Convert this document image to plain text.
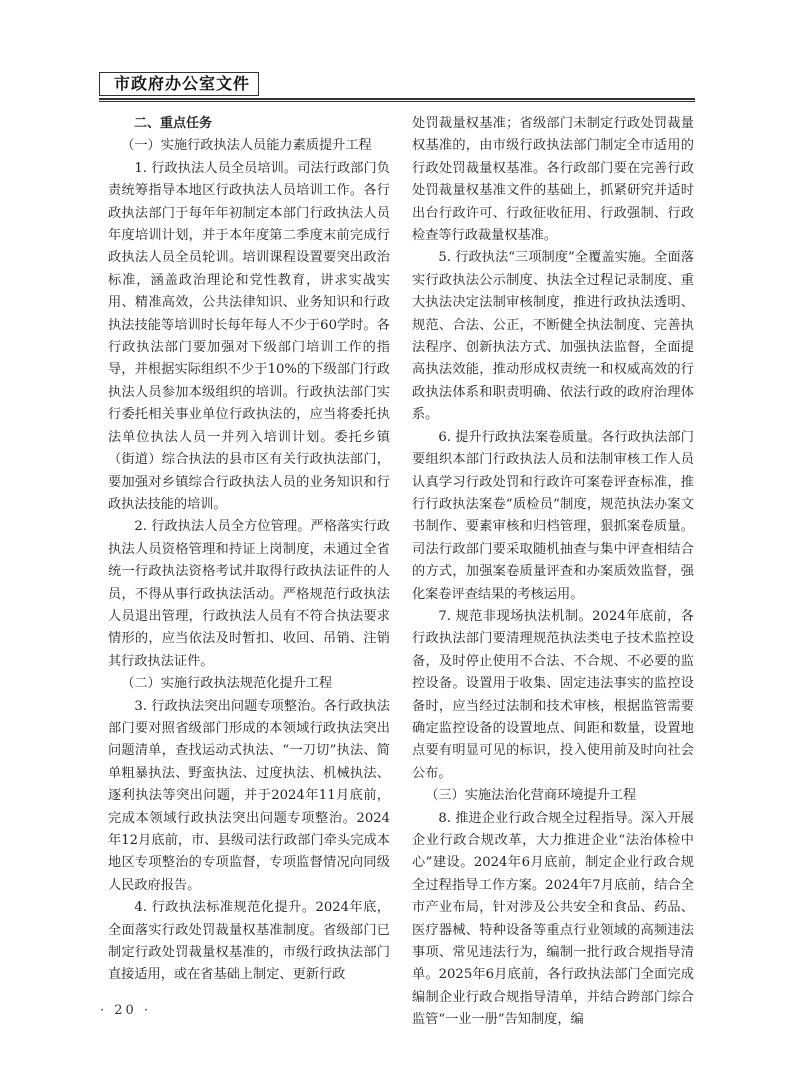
市政府办公室文件

二、重点任务

（一）实施行政执法人员能力素质提升工程

1. 行政执法人员全员培训。司法行政部门负责统筹指导本地区行政执法人员培训工作。各行政执法部门于每年年初制定本部门行政执法人员年度培训计划，并于本年度第二季度末前完成行政执法人员全员轮训。培训课程设置要突出政治标准，涵盖政治理论和党性教育，讲求实战实用、精准高效，公共法律知识、业务知识和行政执法技能等培训时长每年每人不少于60学时。各行政执法部门要加强对下级部门培训工作的指导，并根据实际组织不少于10%的下级部门行政执法人员参加本级组织的培训。行政执法部门实行委托相关事业单位行政执法的，应当将委托执法单位执法人员一并列入培训计划。委托乡镇（街道）综合执法的县市区有关行政执法部门，要加强对乡镇综合行政执法人员的业务知识和行政执法技能的培训。

2. 行政执法人员全方位管理。严格落实行政执法人员资格管理和持证上岗制度，未通过全省统一行政执法资格考试并取得行政执法证件的人员，不得从事行政执法活动。严格规范行政执法人员退出管理，行政执法人员有不符合执法要求情形的，应当依法及时暂扣、收回、吊销、注销其行政执法证件。

（二）实施行政执法规范化提升工程

3. 行政执法突出问题专项整治。各行政执法部门要对照省级部门形成的本领域行政执法突出问题清单，查找运动式执法、“一刀切”执法、简单粗暴执法、野蛮执法、过度执法、机械执法、逐利执法等突出问题，并于2024年11月底前，完成本领域行政执法突出问题专项整治。2024年12月底前，市、县级司法行政部门牵头完成本地区专项整治的专项监督，专项监督情况向同级人民政府报告。

4. 行政执法标准规范化提升。2024年底，全面落实行政处罚裁量权基准制度。省级部门已制定行政处罚裁量权基准的，市级行政执法部门直接适用，或在省基础上制定、更新行政

处罚裁量权基准；省级部门未制定行政处罚裁量权基准的，由市级行政执法部门制定全市适用的行政处罚裁量权基准。各行政部门要在完善行政处罚裁量权基准文件的基础上，抓紧研究并适时出台行政许可、行政征收征用、行政强制、行政检查等行政裁量权基准。

5. 行政执法“三项制度”全覆盖实施。全面落实行政执法公示制度、执法全过程记录制度、重大执法决定法制审核制度，推进行政执法透明、规范、合法、公正，不断健全执法制度、完善执法程序、创新执法方式、加强执法监督，全面提高执法效能，推动形成权责统一和权威高效的行政执法体系和职责明确、依法行政的政府治理体系。

6. 提升行政执法案卷质量。各行政执法部门要组织本部门行政执法人员和法制审核工作人员认真学习行政处罚和行政许可案卷评查标准，推行行政执法案卷“质检员”制度，规范执法办案文书制作、要素审核和归档管理，狠抓案卷质量。司法行政部门要采取随机抽查与集中评查相结合的方式，加强案卷质量评查和办案质效监督，强化案卷评查结果的考核运用。

7. 规范非现场执法机制。2024年底前，各行政执法部门要清理规范执法类电子技术监控设备，及时停止使用不合法、不合规、不必要的监控设备。设置用于收集、固定违法事实的监控设备时，应当经过法制和技术审核，根据监管需要确定监控设备的设置地点、间距和数量，设置地点要有明显可见的标识，投入使用前及时向社会公布。

（三）实施法治化营商环境提升工程

8. 推进企业行政合规全过程指导。深入开展企业行政合规改革，大力推进企业“法治体检中心”建设。2024年6月底前，制定企业行政合规全过程指导工作方案。2024年7月底前，结合全市产业布局，针对涉及公共安全和食品、药品、医疗器械、特种设备等重点行业领域的高频违法事项、常见违法行为，编制一批行政合规指导清单。2025年6月底前，各行政执法部门全面完成编制企业行政合规指导清单，并结合跨部门综合监管“一业一册”告知制度，编

· 20 ·
